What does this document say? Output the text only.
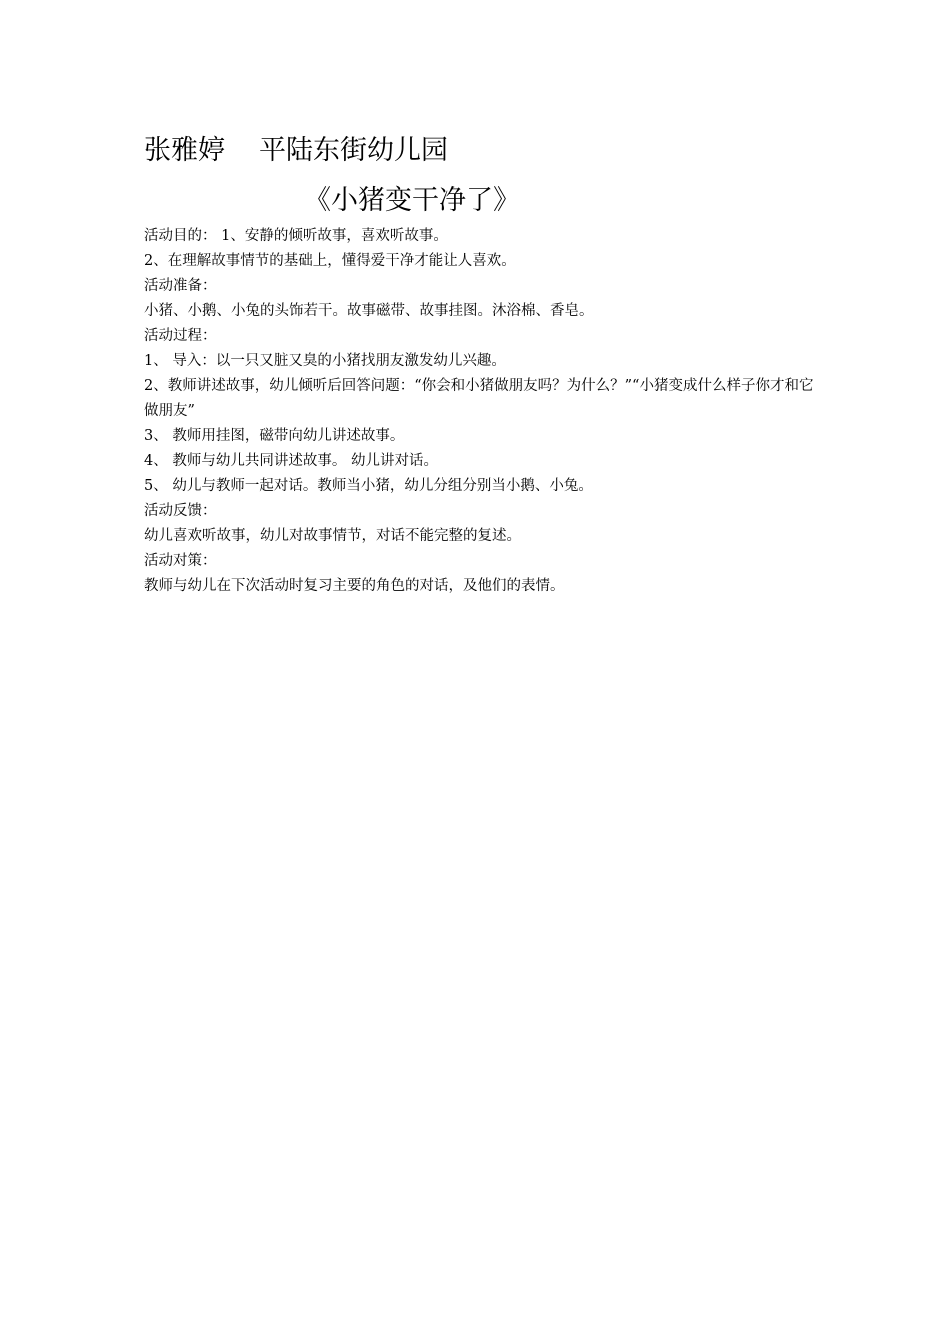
张雅婷 平陆东街幼儿园
《小猪变干净了》

活动目的： 1、安静的倾听故事，喜欢听故事。

2、在理解故事情节的基础上，懂得爱干净才能让人喜欢。

活动准备：

小猪、小鹅、小兔的头饰若干。故事磁带、故事挂图。沐浴棉、香皂。

活动过程：

1、 导入：以一只又脏又臭的小猪找朋友激发幼儿兴趣。

2、教师讲述故事，幼儿倾听后回答问题：“你会和小猪做朋友吗？为什么？”“小猪变成什么样子你才和它做朋友”

3、 教师用挂图，磁带向幼儿讲述故事。

4、 教师与幼儿共同讲述故事。 幼儿讲对话。

5、 幼儿与教师一起对话。教师当小猪，幼儿分组分别当小鹅、小兔。

活动反馈：

幼儿喜欢听故事，幼儿对故事情节，对话不能完整的复述。

活动对策：

教师与幼儿在下次活动时复习主要的角色的对话，及他们的表情。
